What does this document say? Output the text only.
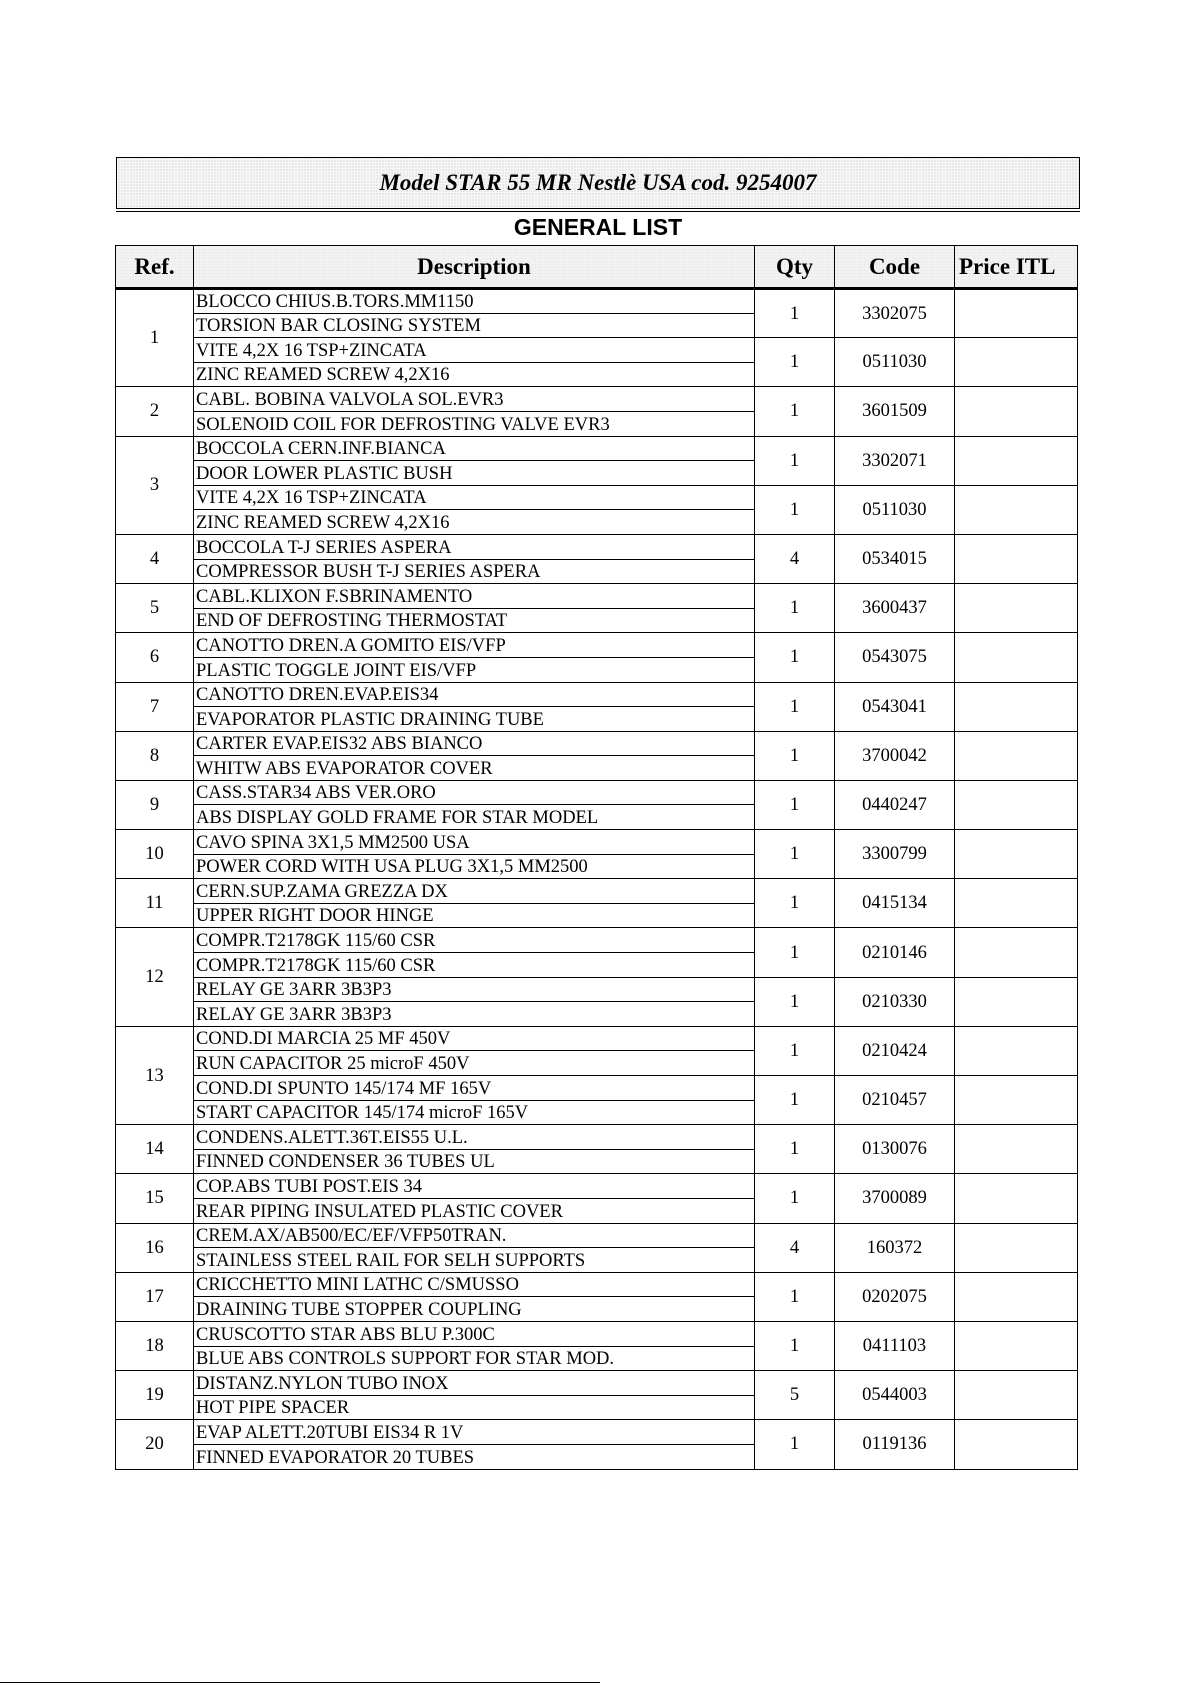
Model STAR 55 MR Nestlè USA cod. 9254007
GENERAL LIST
Ref.	Description	Qty	Code	Price ITL
1	BLOCCO CHIUS.B.TORS.MM1150	1	3302075	
	TORSION BAR CLOSING SYSTEM			
	VITE 4,2X 16 TSP+ZINCATA	1	0511030	
	ZINC REAMED SCREW 4,2X16			
2	CABL. BOBINA VALVOLA SOL.EVR3	1	3601509	
	SOLENOID COIL FOR DEFROSTING VALVE EVR3			
3	BOCCOLA CERN.INF.BIANCA	1	3302071	
	DOOR LOWER PLASTIC BUSH			
	VITE 4,2X 16 TSP+ZINCATA	1	0511030	
	ZINC REAMED SCREW 4,2X16			
4	BOCCOLA T-J SERIES ASPERA	4	0534015	
	COMPRESSOR BUSH T-J SERIES ASPERA			
5	CABL.KLIXON F.SBRINAMENTO	1	3600437	
	END OF DEFROSTING THERMOSTAT			
6	CANOTTO DREN.A GOMITO EIS/VFP	1	0543075	
	PLASTIC TOGGLE JOINT EIS/VFP			
7	CANOTTO DREN.EVAP.EIS34	1	0543041	
	EVAPORATOR PLASTIC DRAINING TUBE			
8	CARTER EVAP.EIS32 ABS BIANCO	1	3700042	
	WHITW ABS EVAPORATOR COVER			
9	CASS.STAR34 ABS VER.ORO	1	0440247	
	ABS DISPLAY GOLD FRAME FOR STAR MODEL			
10	CAVO SPINA 3X1,5 MM2500 USA	1	3300799	
	POWER CORD WITH USA PLUG 3X1,5 MM2500			
11	CERN.SUP.ZAMA GREZZA DX	1	0415134	
	UPPER RIGHT DOOR HINGE			
12	COMPR.T2178GK 115/60 CSR	1	0210146	
	COMPR.T2178GK 115/60 CSR			
	RELAY GE 3ARR 3B3P3	1	0210330	
	RELAY GE 3ARR 3B3P3			
13	COND.DI MARCIA 25 MF 450V	1	0210424	
	RUN CAPACITOR 25 microF 450V			
	COND.DI SPUNTO 145/174 MF 165V	1	0210457	
	START CAPACITOR 145/174 microF 165V			
14	CONDENS.ALETT.36T.EIS55 U.L.	1	0130076	
	FINNED CONDENSER 36 TUBES UL			
15	COP.ABS TUBI POST.EIS 34	1	3700089	
	REAR PIPING INSULATED PLASTIC COVER			
16	CREM.AX/AB500/EC/EF/VFP50TRAN.	4	160372	
	STAINLESS STEEL RAIL FOR SELH SUPPORTS			
17	CRICCHETTO MINI LATHC C/SMUSSO	1	0202075	
	DRAINING TUBE STOPPER COUPLING			
18	CRUSCOTTO STAR ABS BLU P.300C	1	0411103	
	BLUE ABS CONTROLS SUPPORT FOR STAR MOD.			
19	DISTANZ.NYLON TUBO INOX	5	0544003	
	HOT PIPE SPACER			
20	EVAP ALETT.20TUBI EIS34 R 1V	1	0119136	
	FINNED EVAPORATOR 20 TUBES			
